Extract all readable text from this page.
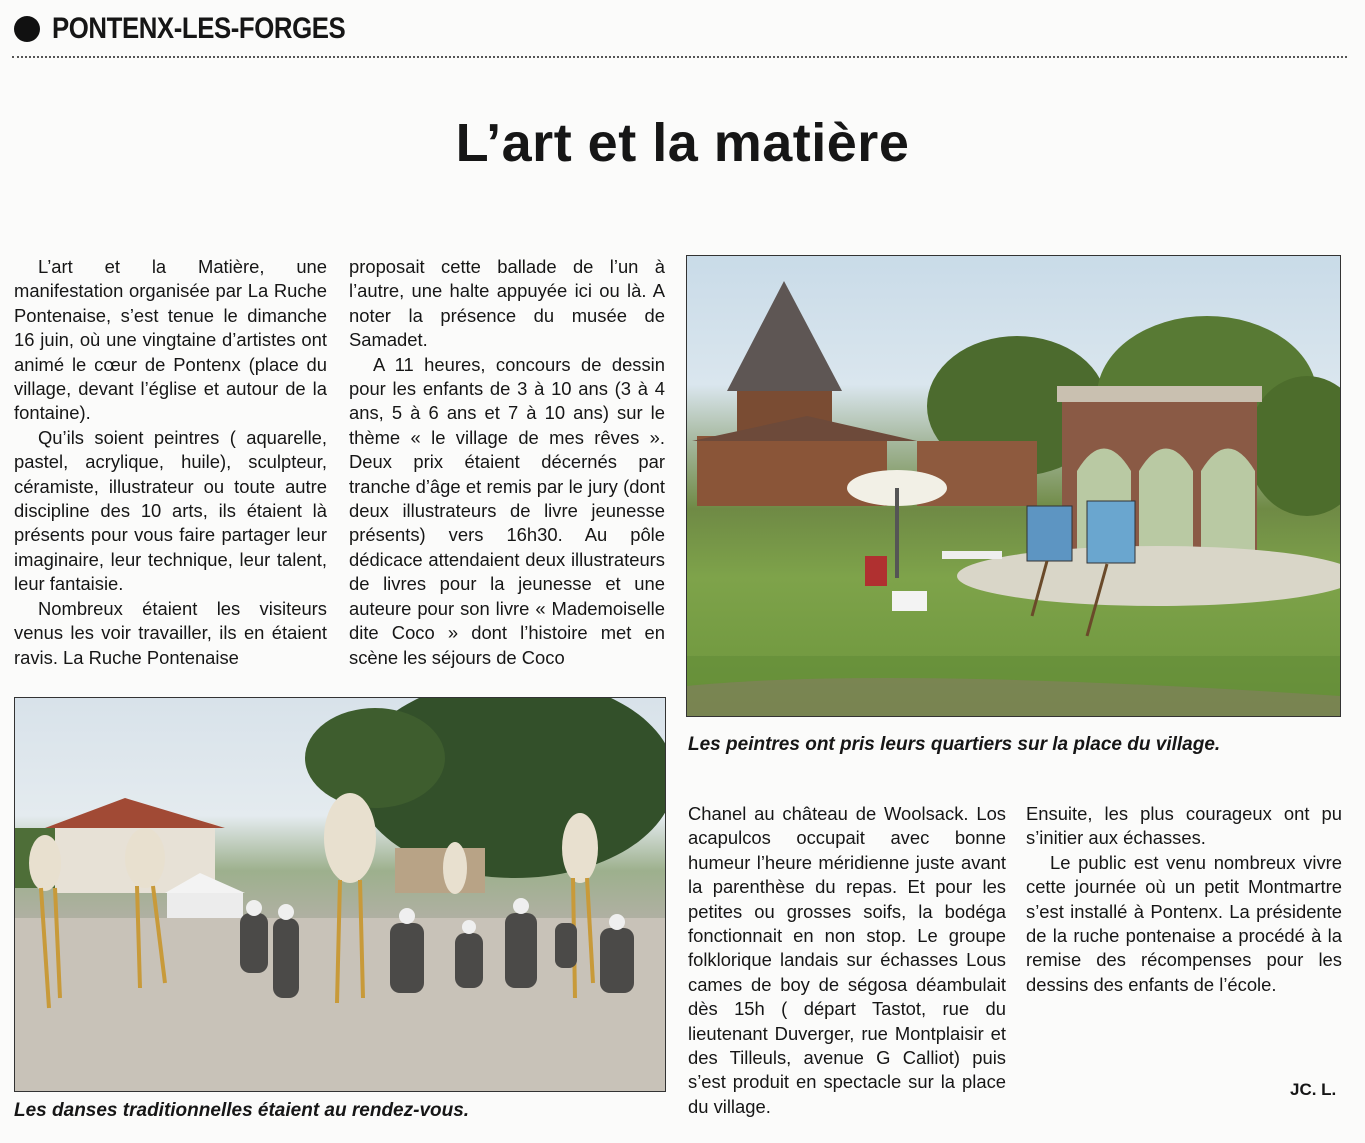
PONTENX-LES-FORGES
L’art et la matière

L’art et la Matière, une manifestation organisée par La Ruche Pontenaise, s’est tenue le dimanche 16 juin, où une vingtaine d’artistes ont animé le cœur de Pontenx (place du village, devant l’église et autour de la fontaine).

Qu’ils soient peintres ( aquarelle, pastel, acrylique, huile), sculpteur, céramiste, illustrateur ou toute autre discipline des 10 arts, ils étaient là présents pour vous faire partager leur imaginaire, leur technique, leur talent, leur fantaisie.

Nombreux étaient les visiteurs venus les voir travailler, ils en étaient ravis. La Ruche Pontenaise

proposait cette ballade de l’un à l’autre, une halte appuyée ici ou là. A noter la présence du musée de Samadet.

A 11 heures, concours de dessin pour les enfants de 3 à 10 ans (3 à 4 ans, 5 à 6 ans et 7 à 10 ans) sur le thème « le village de mes rêves ». Deux prix étaient décernés par tranche d’âge et remis par le jury (dont deux illustrateurs de livre jeunesse présents) vers 16h30. Au pôle dédicace attendaient deux illustrateurs de livres pour la jeunesse et une auteure pour son livre « Mademoiselle dite Coco » dont l’histoire met en scène les séjours de Coco

Les peintres ont pris leurs quartiers sur la place du village.
Les danses traditionnelles étaient au rendez-vous.

Chanel au château de Woolsack. Los acapulcos occupait avec bonne humeur l’heure méridienne juste avant la parenthèse du repas. Et pour les petites ou grosses soifs, la bodéga fonctionnait en non stop. Le groupe folklorique landais sur échasses Lous cames de boy de ségosa déambulait dès 15h ( départ Tastot, rue du lieutenant Duverger, rue Montplaisir et des Tilleuls, avenue G Calliot) puis s’est produit en spectacle sur la place du village.

Ensuite, les plus courageux ont pu s’initier aux échasses.

Le public est venu nombreux vivre cette journée où un petit Montmartre s’est installé à Pontenx. La présidente de la ruche pontenaise a procédé à la remise des récompenses pour les dessins des enfants de l’école.

JC. L.
